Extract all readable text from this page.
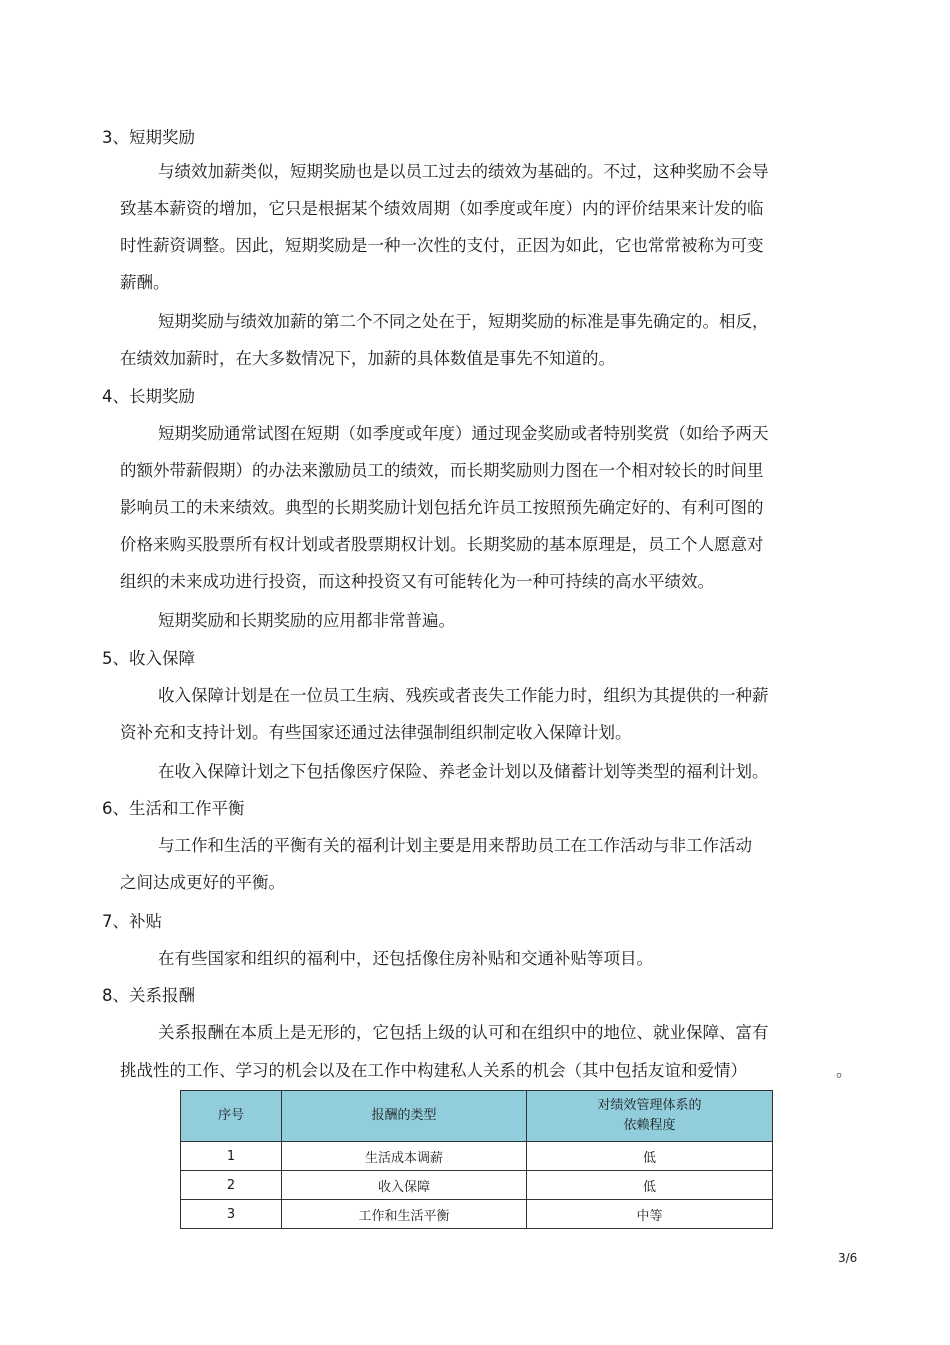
3、短期奖励
与绩效加薪类似，短期奖励也是以员工过去的绩效为基础的。不过，这种奖励不会导
致基本薪资的增加，它只是根据某个绩效周期（如季度或年度）内的评价结果来计发的临
时性薪资调整。因此，短期奖励是一种一次性的支付，正因为如此，它也常常被称为可变
薪酬。
短期奖励与绩效加薪的第二个不同之处在于，短期奖励的标准是事先确定的。相反，
在绩效加薪时，在大多数情况下，加薪的具体数值是事先不知道的。
4、长期奖励
短期奖励通常试图在短期（如季度或年度）通过现金奖励或者特别奖赏（如给予两天
的额外带薪假期）的办法来激励员工的绩效，而长期奖励则力图在一个相对较长的时间里
影响员工的未来绩效。典型的长期奖励计划包括允许员工按照预先确定好的、有利可图的
价格来购买股票所有权计划或者股票期权计划。长期奖励的基本原理是，员工个人愿意对
组织的未来成功进行投资，而这种投资又有可能转化为一种可持续的高水平绩效。
短期奖励和长期奖励的应用都非常普遍。
5、收入保障
收入保障计划是在一位员工生病、残疾或者丧失工作能力时，组织为其提供的一种薪
资补充和支持计划。有些国家还通过法律强制组织制定收入保障计划。
在收入保障计划之下包括像医疗保险、养老金计划以及储蓄计划等类型的福利计划。
6、生活和工作平衡
与工作和生活的平衡有关的福利计划主要是用来帮助员工在工作活动与非工作活动
之间达成更好的平衡。
7、补贴
在有些国家和组织的福利中，还包括像住房补贴和交通补贴等项目。
8、关系报酬
关系报酬在本质上是无形的，它包括上级的认可和在组织中的地位、就业保障、富有
挑战性的工作、学习的机会以及在工作中构建私人关系的机会（其中包括友谊和爱情）	。
序号	报酬的类型	对绩效管理体系的
依赖程度

1	生活成本调薪	低
2	收入保障	低
3	工作和生活平衡	中等
3/6
